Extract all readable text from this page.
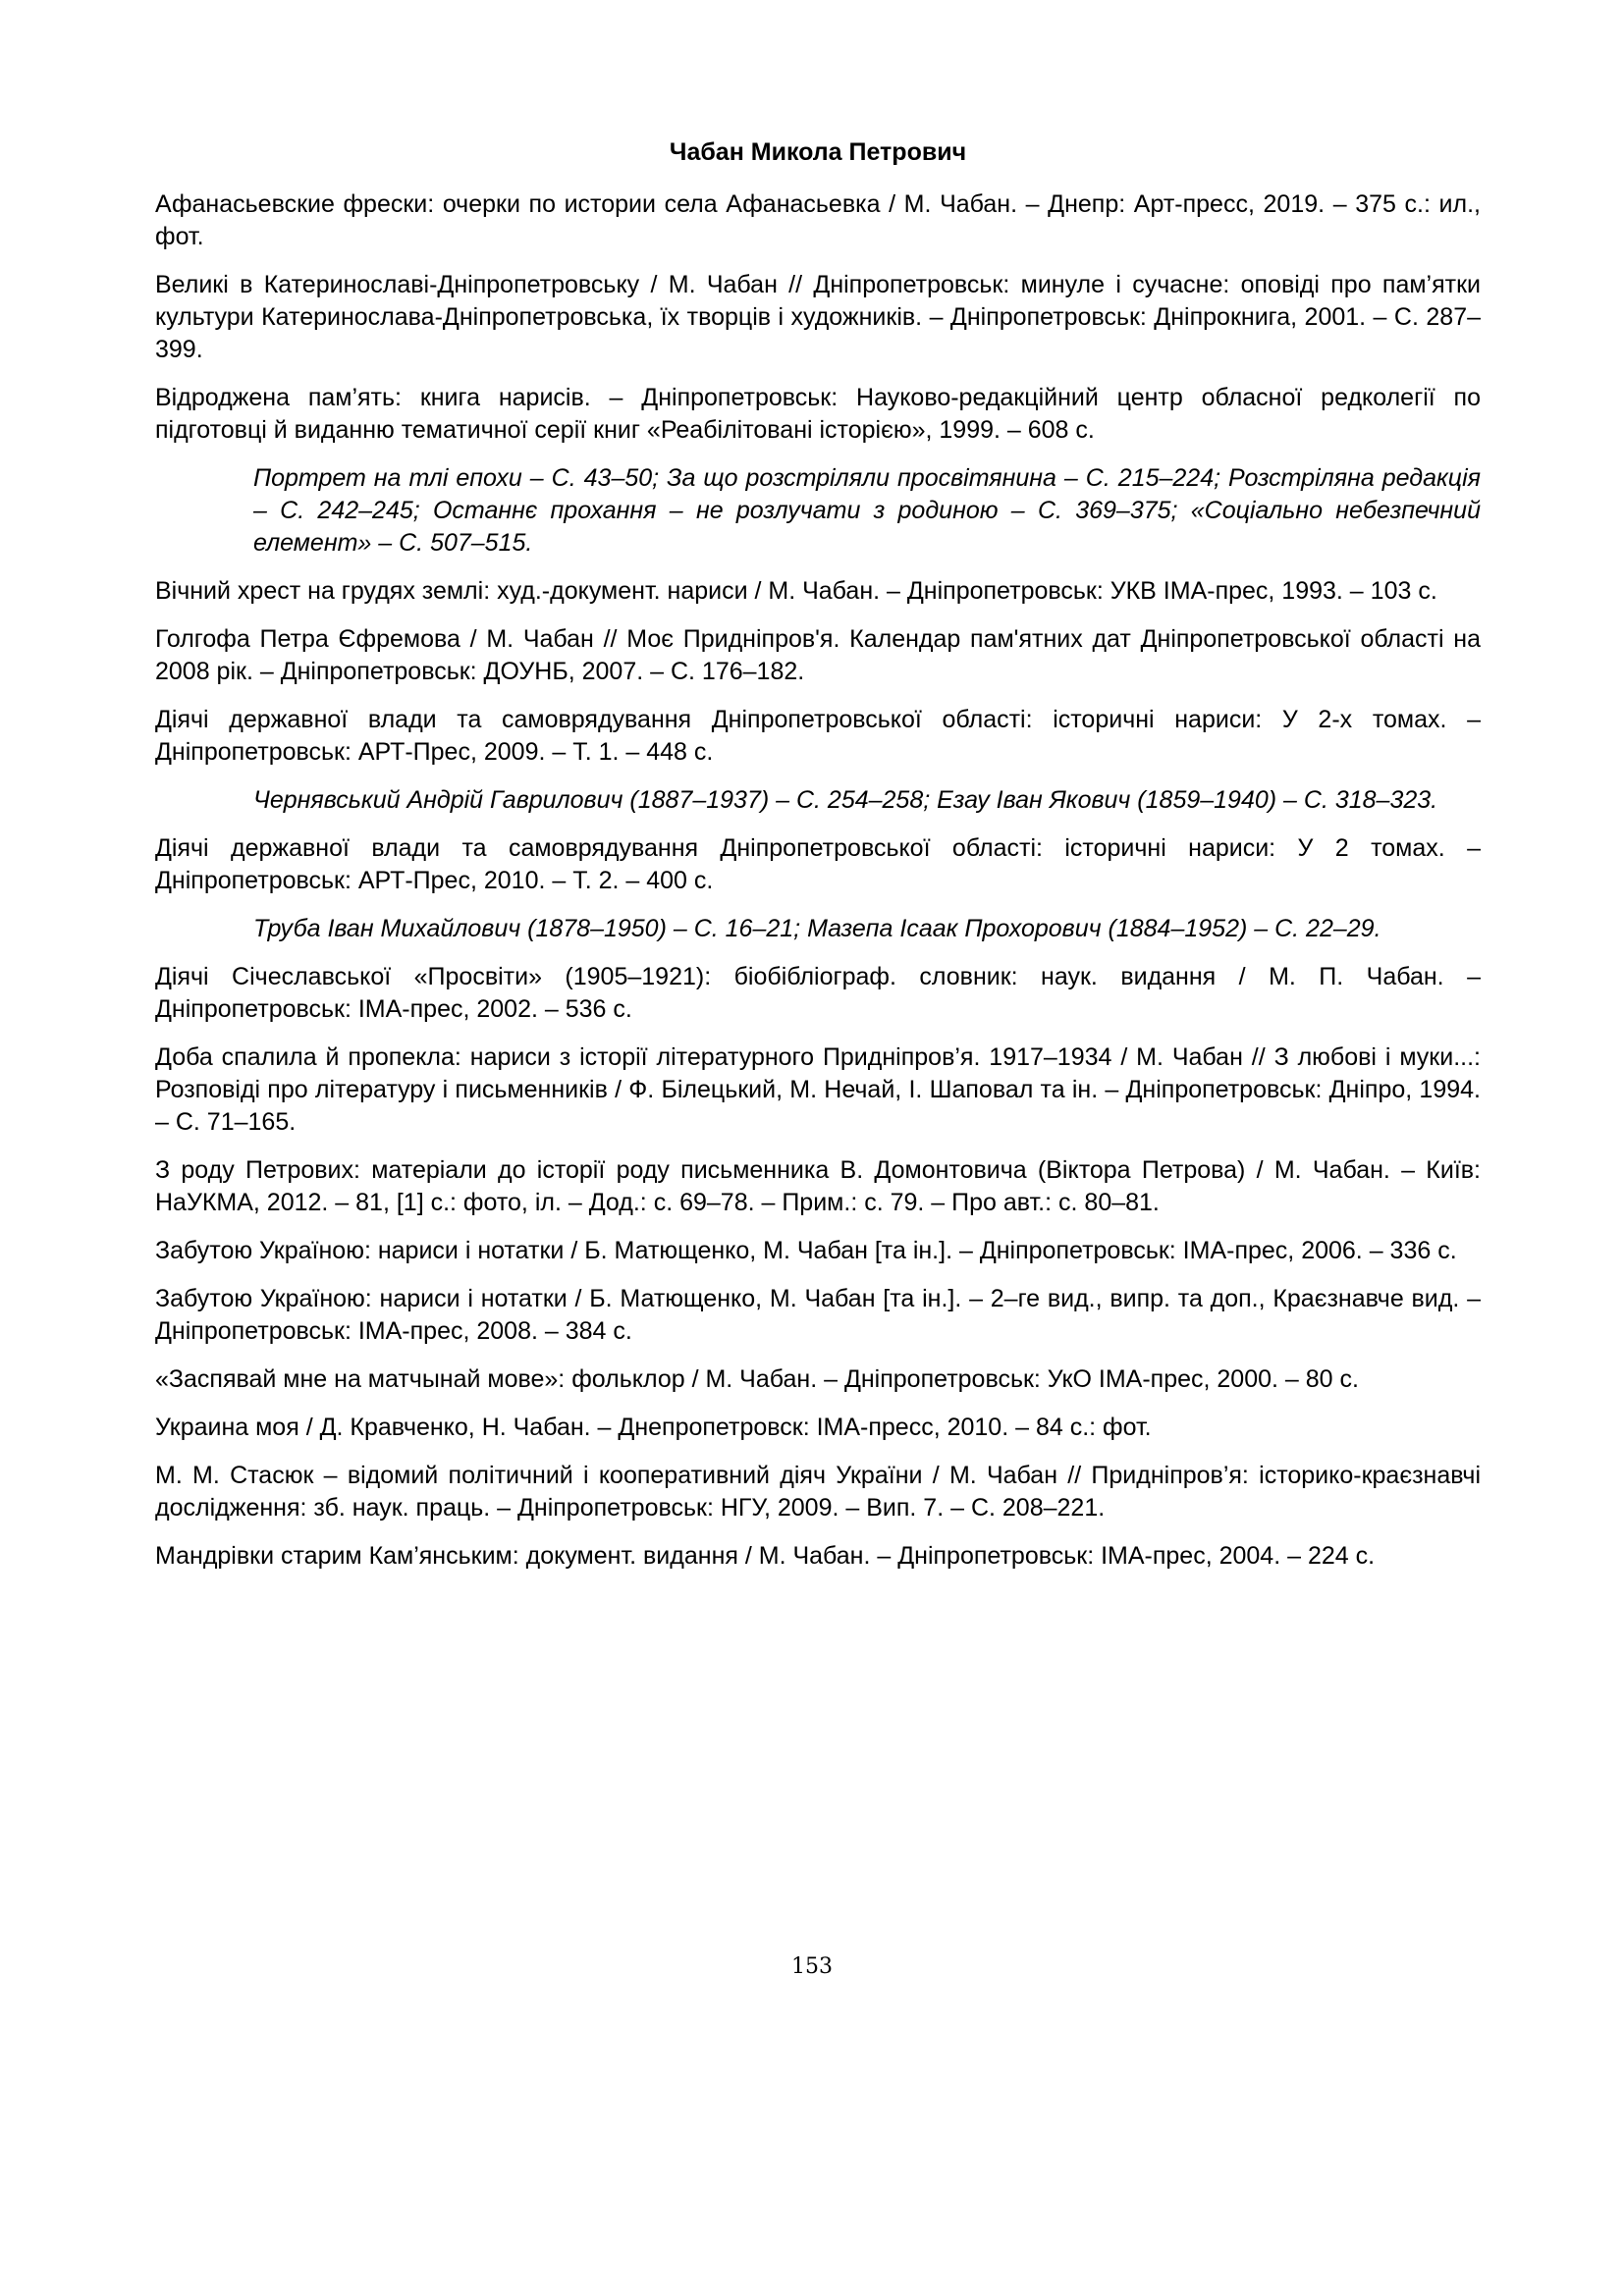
Чабан Микола Петрович

Афанасьевские фрески: очерки по истории села Афанасьевка / М. Чабан. – Днепр: Арт-пресс, 2019. – 375 с.: ил., фот.

Великі в Катеринославі-Дніпропетровську / М. Чабан // Дніпропетровськ: минуле і сучасне: оповіді про пам’ятки культури Катеринослава-Дніпропетровська, їх творців і художників. – Дніпропетровськ: Дніпрокнига, 2001. – С. 287–399.

Відроджена пам’ять: книга нарисів. – Дніпропетровськ: Науково-редакційний центр обласної редколегії по підготовці й виданню тематичної серії книг «Реабілітовані історією», 1999. – 608 с.

Портрет на тлі епохи – С. 43–50; За що розстріляли просвітянина – С. 215–224; Розстріляна редакція – С. 242–245; Останнє прохання – не розлучати з родиною – С. 369–375; «Соціально небезпечний елемент» – С. 507–515.

Вічний хрест на грудях землі: худ.-документ. нариси / М. Чабан. – Дніпропетровськ: УКВ ІМА-прес, 1993. – 103 с.

Голгофа Петра Єфремова / М. Чабан // Моє Придніпров'я. Календар пам'ятних дат Дніпропетровської області на 2008 рік. – Дніпропетровськ: ДОУНБ, 2007. – С. 176–182.

Діячі державної влади та самоврядування Дніпропетровської області: історичні нариси: У 2-х томах. – Дніпропетровськ: АРТ-Прес, 2009. – Т. 1. – 448 с.

Чернявський Андрій Гаврилович (1887–1937) – С. 254–258; Езау Іван Якович (1859–1940) – С. 318–323.

Діячі державної влади та самоврядування Дніпропетровської області: історичні нариси: У 2 томах. – Дніпропетровськ: АРТ-Прес, 2010. – Т. 2. – 400 с.

Труба Іван Михайлович (1878–1950) – С. 16–21; Мазепа Ісаак Прохорович (1884–1952) – С. 22–29.

Діячі Січеславської «Просвіти» (1905–1921): біобібліограф. словник: наук. видання / М. П. Чабан. – Дніпропетровськ: ІМА-прес, 2002. – 536 с.

Доба спалила й пропекла: нариси з історії літературного Придніпров’я. 1917–1934 / М. Чабан // З любові і муки...: Розповіді про літературу і письменників / Ф. Білецький, М. Нечай, І. Шаповал та ін. – Дніпропетровськ: Дніпро, 1994. – С. 71–165.

З роду Петрових: матеріали до історії роду письменника В. Домонтовича (Віктора Петрова) / М. Чабан. – Київ: НаУКМА, 2012. – 81, [1] с.: фото, іл. – Дод.: с. 69–78. – Прим.: с. 79. – Про авт.: с. 80–81.

Забутою Україною: нариси і нотатки / Б. Матющенко, М. Чабан [та ін.]. – Дніпропетровськ: ІМА-прес, 2006. – 336 с.

Забутою Україною: нариси і нотатки / Б. Матющенко, М. Чабан [та ін.]. – 2–ге вид., випр. та доп., Краєзнавче вид. – Дніпропетровськ: ІМА-прес, 2008. – 384 с.

«Заспявай мне на матчынай мове»: фольклор / М. Чабан. – Дніпропетровськ: УкО ІМА-прес, 2000. – 80 с.

Украина моя / Д. Кравченко, Н. Чабан. – Днепропетровск: ІМА-пресс, 2010. – 84 с.: фот.

М. М. Стасюк – відомий політичний і кооперативний діяч України / М. Чабан // Придніпров’я: історико-краєзнавчі дослідження: зб. наук. праць. – Дніпропетровськ: НГУ, 2009. – Вип. 7. – С. 208–221.

Мандрівки старим Кам’янським: документ. видання / М. Чабан. – Дніпропетровськ: ІМА-прес, 2004. – 224 с.

153
